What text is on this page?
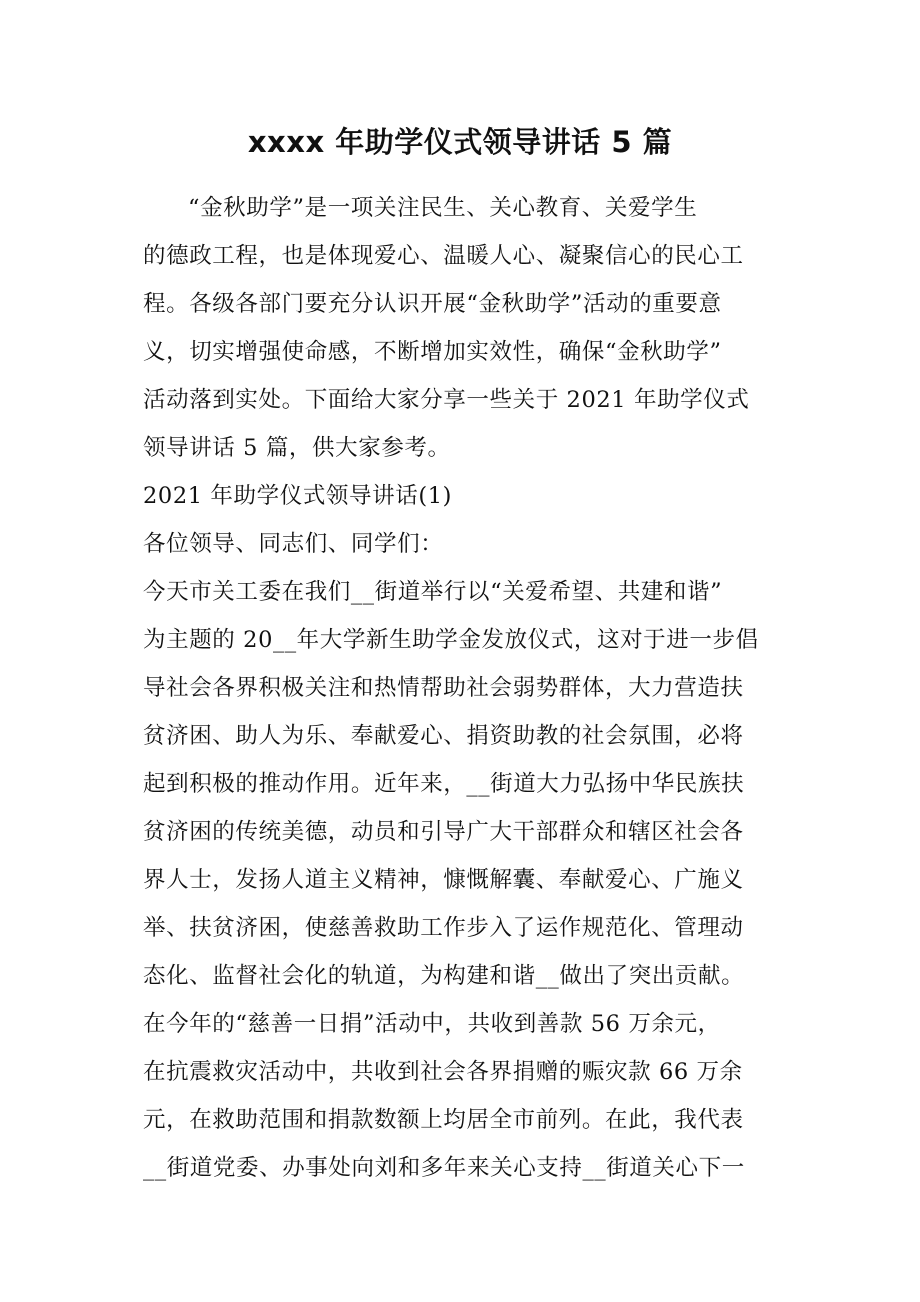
xxxx 年助学仪式领导讲话 5 篇

“金秋助学”是一项关注民生、关心教育、关爱学生

的德政工程，也是体现爱心、温暖人心、凝聚信心的民心工

程。各级各部门要充分认识开展“金秋助学”活动的重要意

义，切实增强使命感，不断增加实效性，确保“金秋助学”

活动落到实处。下面给大家分享一些关于 2021 年助学仪式

领导讲话 5 篇，供大家参考。

2021 年助学仪式领导讲话(1)

各位领导、同志们、同学们：

今天市关工委在我们__街道举行以“关爱希望、共建和谐”

为主题的 20__年大学新生助学金发放仪式，这对于进一步倡

导社会各界积极关注和热情帮助社会弱势群体，大力营造扶

贫济困、助人为乐、奉献爱心、捐资助教的社会氛围，必将

起到积极的推动作用。近年来，__街道大力弘扬中华民族扶

贫济困的传统美德，动员和引导广大干部群众和辖区社会各

界人士，发扬人道主义精神，慷慨解囊、奉献爱心、广施义

举、扶贫济困，使慈善救助工作步入了运作规范化、管理动

态化、监督社会化的轨道，为构建和谐__做出了突出贡献。

在今年的“慈善一日捐”活动中，共收到善款 56 万余元，

在抗震救灾活动中，共收到社会各界捐赠的赈灾款 66 万余

元，在救助范围和捐款数额上均居全市前列。在此，我代表

__街道党委、办事处向刘和多年来关心支持__街道关心下一
